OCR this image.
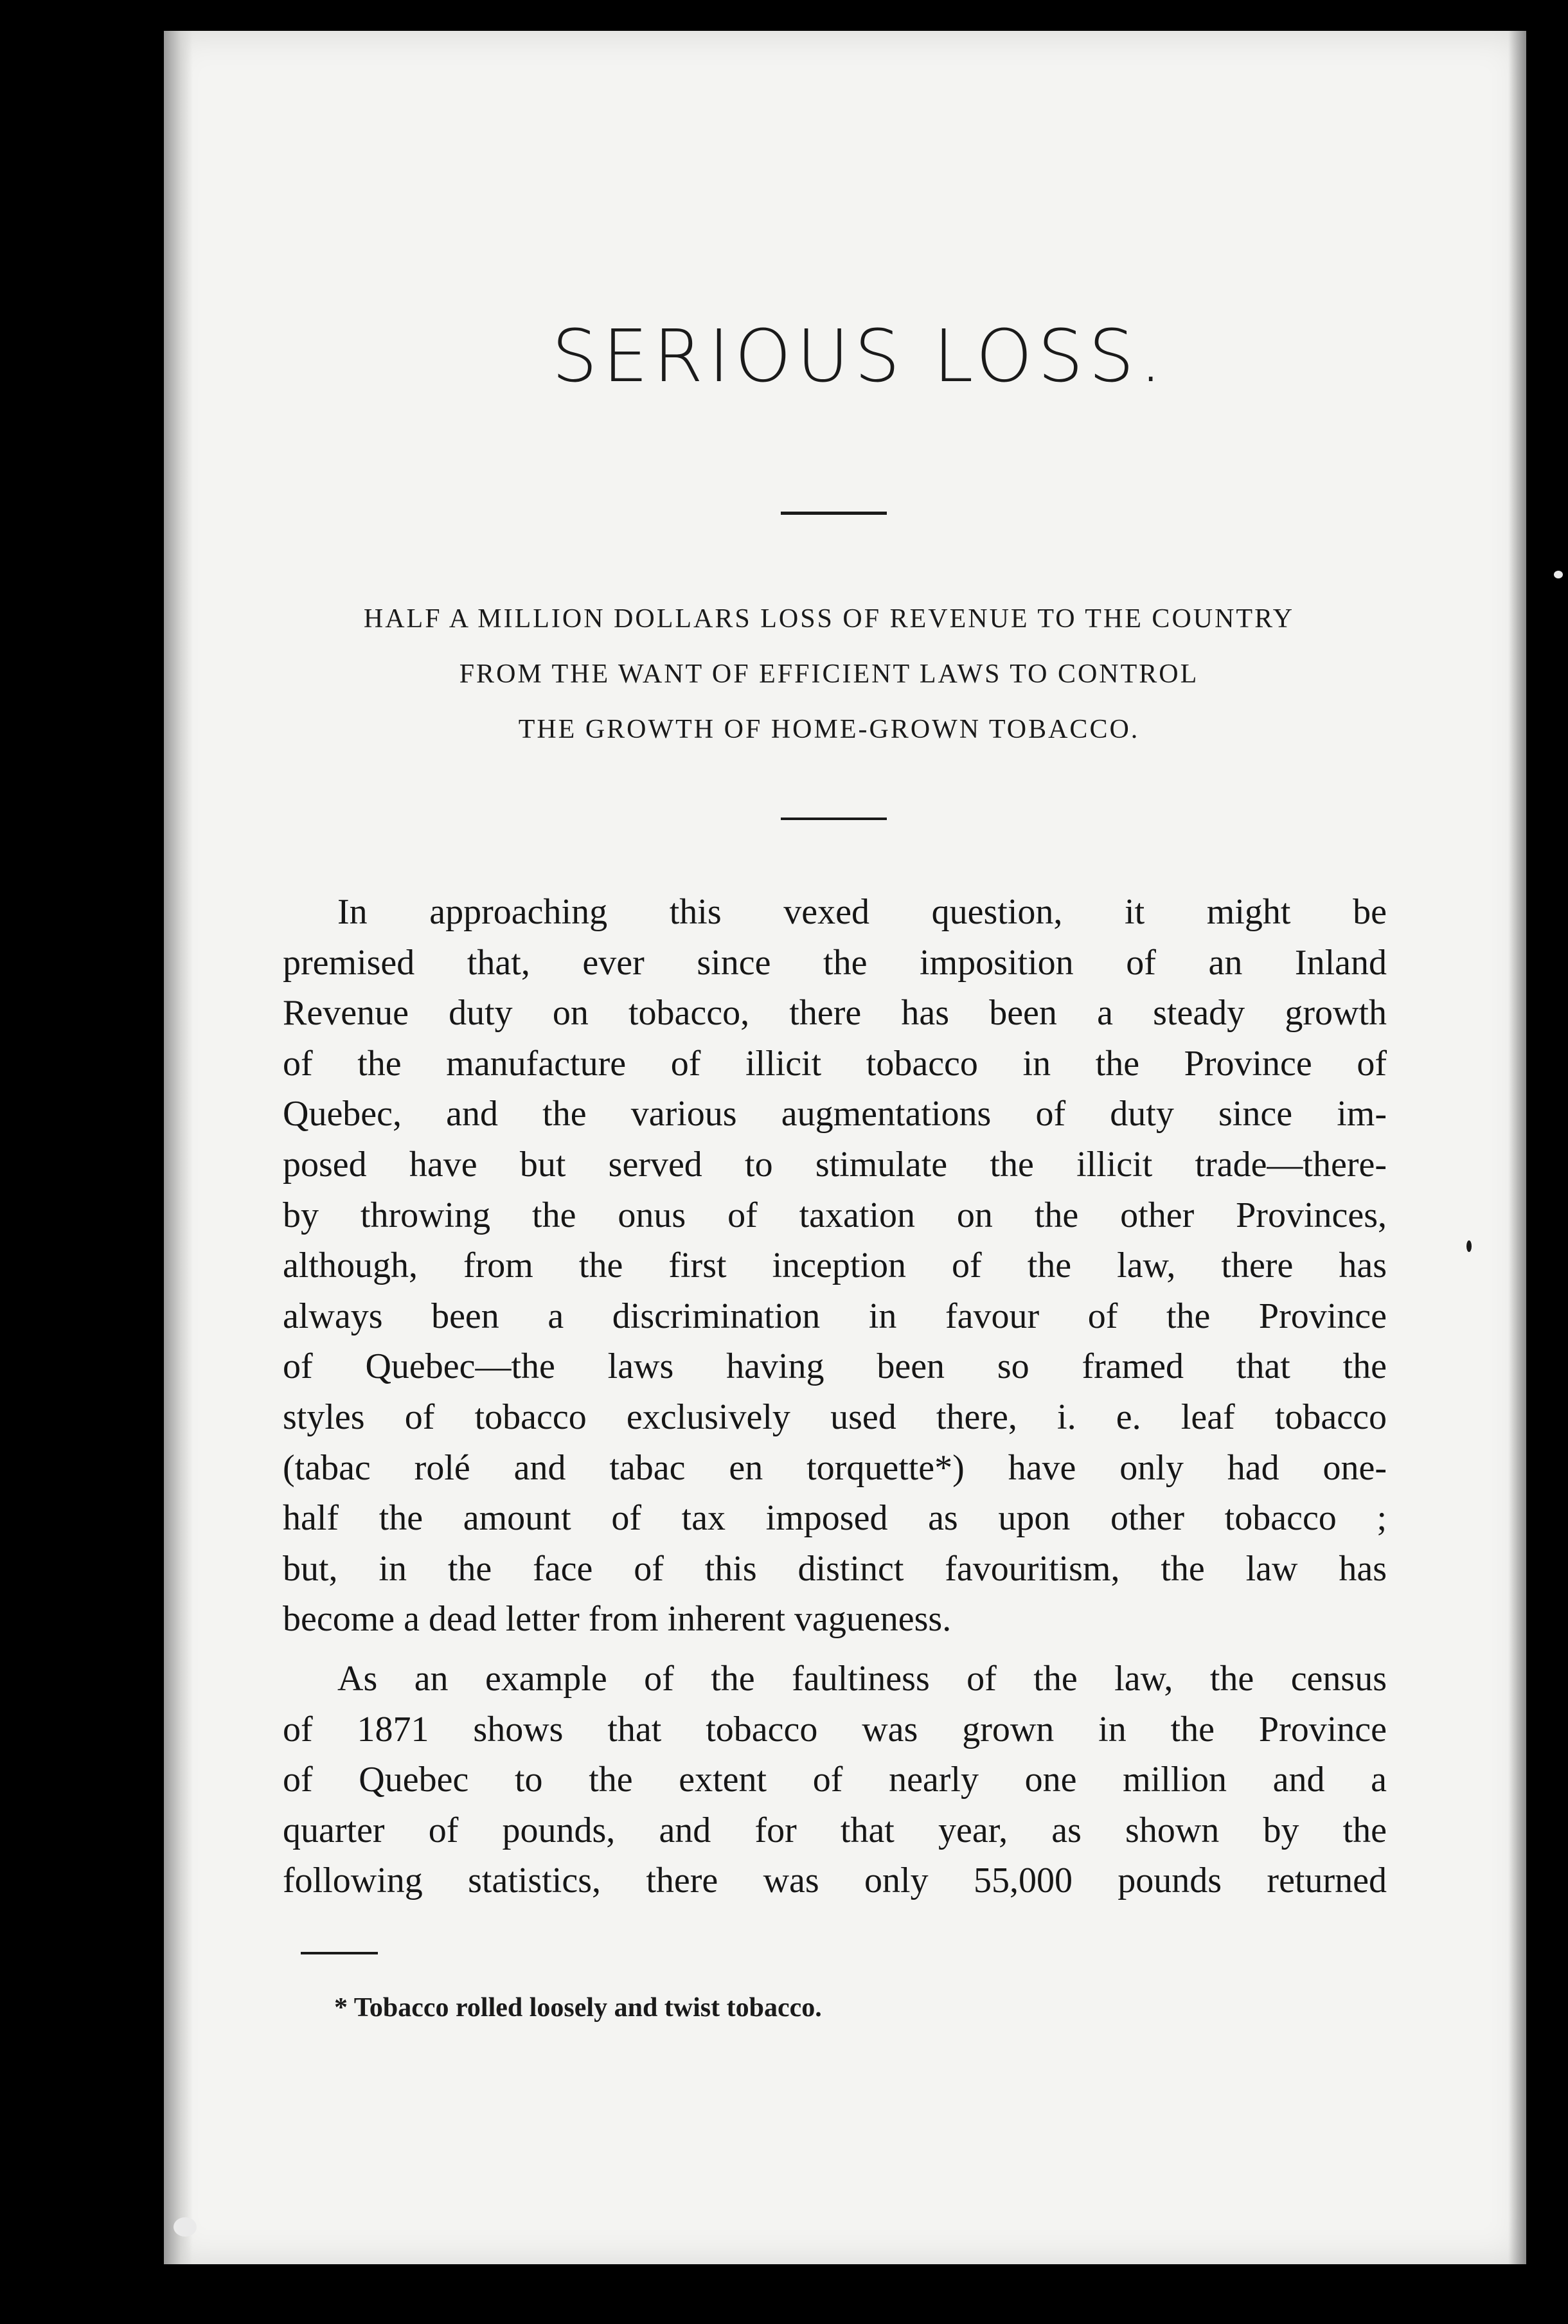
SERIOUS LOSS.
HALF A MILLION DOLLARS LOSS OF REVENUE TO THE COUNTRY
FROM THE WANT OF EFFICIENT LAWS TO CONTROL
THE GROWTH OF HOME-GROWN TOBACCO.
In approaching this vexed question, it might be
premised that, ever since the imposition of an Inland
Revenue duty on tobacco, there has been a steady growth
of the manufacture of illicit tobacco in the Province of
Quebec, and the various augmentations of duty since im-
posed have but served to stimulate the illicit trade—there-
by throwing the onus of taxation on the other Provinces,
although, from the first inception of the law, there has
always been a discrimination in favour of the Province
of Quebec—the laws having been so framed that the
styles of tobacco exclusively used there, i. e. leaf tobacco
(tabac rolé and tabac en torquette*) have only had one-
half the amount of tax imposed as upon other tobacco ;
but, in the face of this distinct favouritism, the law has
become a dead letter from inherent vagueness.
As an example of the faultiness of the law, the census
of 1871 shows that tobacco was grown in the Province
of Quebec to the extent of nearly one million and a
quarter of pounds, and for that year, as shown by the
following statistics, there was only 55,000 pounds returned
* Tobacco rolled loosely and twist tobacco.
